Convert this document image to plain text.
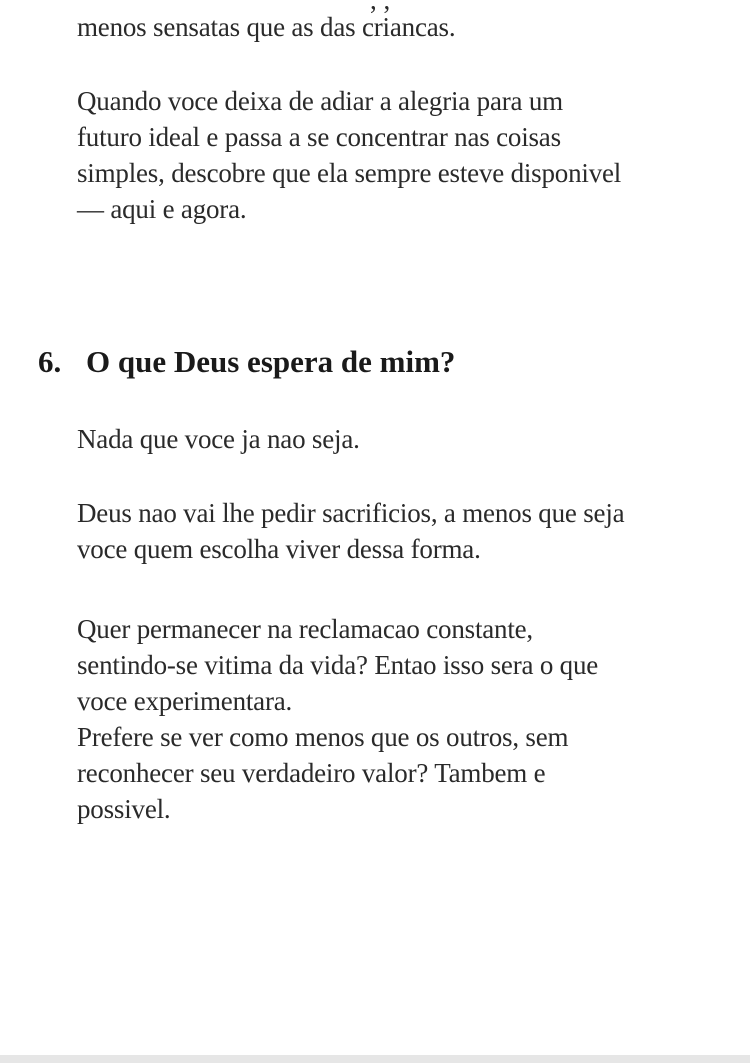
, ,
menos sensatas que as das criancas.
Quando voce deixa de adiar a alegria para um
futuro ideal e passa a se concentrar nas coisas
simples, descobre que ela sempre esteve disponivel
— aqui e agora.
6. O que Deus espera de mim?
Nada que voce ja nao seja.
Deus nao vai lhe pedir sacrificios, a menos que seja
voce quem escolha viver dessa forma.
Quer permanecer na reclamacao constante,
sentindo-se vitima da vida? Entao isso sera o que
voce experimentara.
Prefere se ver como menos que os outros, sem
reconhecer seu verdadeiro valor? Tambem e
possivel.
